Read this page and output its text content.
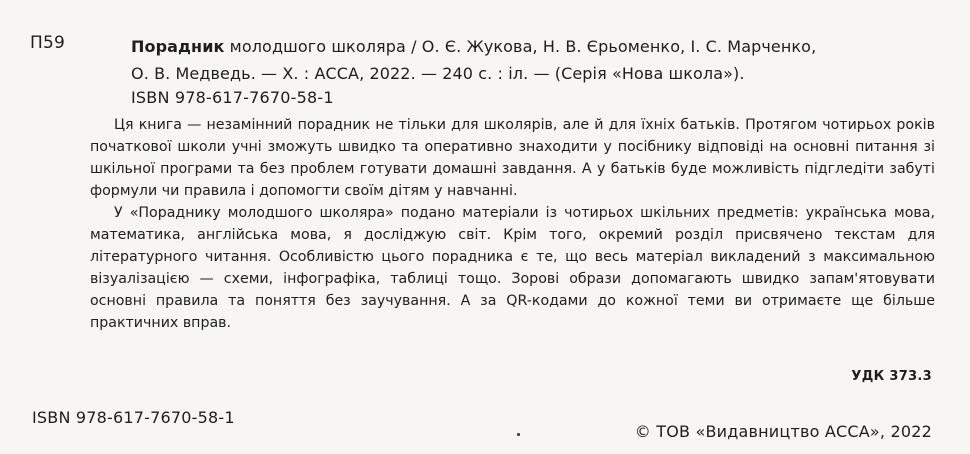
П59	Порадник молодшого школяра / О. Є. Жукова, Н. В. Єрьоменко, І. С. Марченко,
О. В. Медведь. — Х. : АССА, 2022. — 240 с. : іл. — (Серія «Нова школа»).
ISBN 978-617-7670-58-1

Ця книга — незамінний порадник не тільки для школярів, але й для їхніх батьків. Протягом чотирьох років початкової школи учні зможуть швидко та оперативно знаходити у посібнику відповіді на основні питання зі шкільної програми та без проблем готувати домашні завдання. А у батьків буде можливість підгледіти забуті формули чи правила і допомогти своїм дітям у навчанні.

У «Пораднику молодшого школяра» подано матеріали із чотирьох шкільних предметів: українська мова, математика, англійська мова, я досліджую світ. Крім того, окремий розділ присвячено текстам для літературного читання. Особливістю цього порадника є те, що весь матеріал викладений з максимальною візуалізацією — схеми, інфографіка, таблиці тощо. Зорові образи допомагають швидко запам'ятовувати основні правила та поняття без заучування. А за QR-кодами до кожної теми ви отримаєте ще більше практичних вправ.

УДК 373.3
ISBN 978-617-7670-58-1
© ТОВ «Видавництво АССА», 2022
